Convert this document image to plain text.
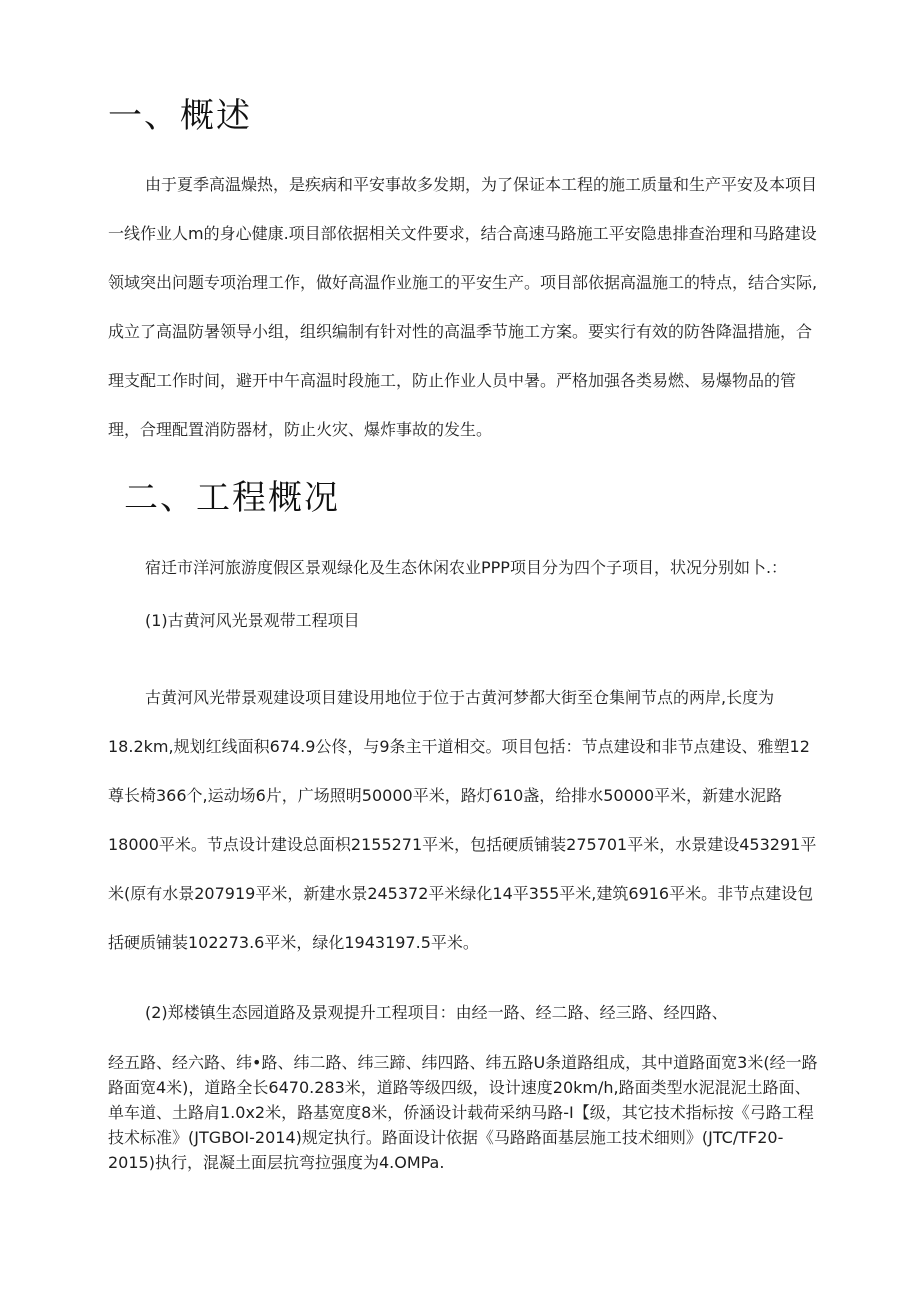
一、概述

由于夏季高温燥热，是疾病和平安事故多发期，为了保证本工程的施工质量和生产平安及本项目一线作业人m的身心健康.项目部依据相关文件要求，结合高速马路施工平安隐患排查治理和马路建设领域突出问题专项治理工作，做好高温作业施工的平安生产。项目部依据高温施工的特点，结合实际,成立了高温防暑领导小组，组织编制有针对性的高温季节施工方案。要实行有效的防咎降温措施，合理支配工作时间，避开中午高温时段施工，防止作业人员中暑。严格加强各类易燃、易爆物品的管理，合理配置消防器材，防止火灾、爆炸事故的发生。

二、工程概况

宿迁市洋河旅游度假区景观绿化及生态休闲农业PPP项目分为四个子项目，状况分别如卜.：

(1)古黄河风光景观带工程项目

古黄河风光带景观建设项目建设用地位于位于古黄河梦都大街至仓集闸节点的两岸,长度为18.2km,规划红线面积674.9公佟，与9条主干道相交。项目包括：节点建设和非节点建设、雅塑12尊长椅366个,运动场6片，广场照明50000平米，路灯610盏，给排水50000平米，新建水泥路18000平米。节点设计建设总面枳2155271平米，包括硬质铺装275701平米，水景建设453291平米(原有水景207919平米，新建水景245372平米绿化14平355平米,建筑6916平米。非节点建设包括硬质铺装102273.6平米，绿化1943197.5平米。

(2)郑楼镇生态园道路及景观提升工程项目：由经一路、经二路、经三路、经四路、

经五路、经六路、纬•路、纬二路、纬三蹄、纬四路、纬五路U条道路组成，其中道路面宽3米(经一路路面宽4米)，道路全长6470.283米，道路等级四级，设计速度20km/h,路面类型水泥混泥土路面、单车道、土路肩1.0x2米，路基宽度8米，侨涵设计载荷采纳马路-I【级，其它技术指标按《弓路工程技术标准》(JTGBOI-2014)规定执行。路面设计依据《马路路面基层施工技术细则》(JTC/TF20-2015)执行，混凝土面层抗弯拉强度为4.OMPa.
